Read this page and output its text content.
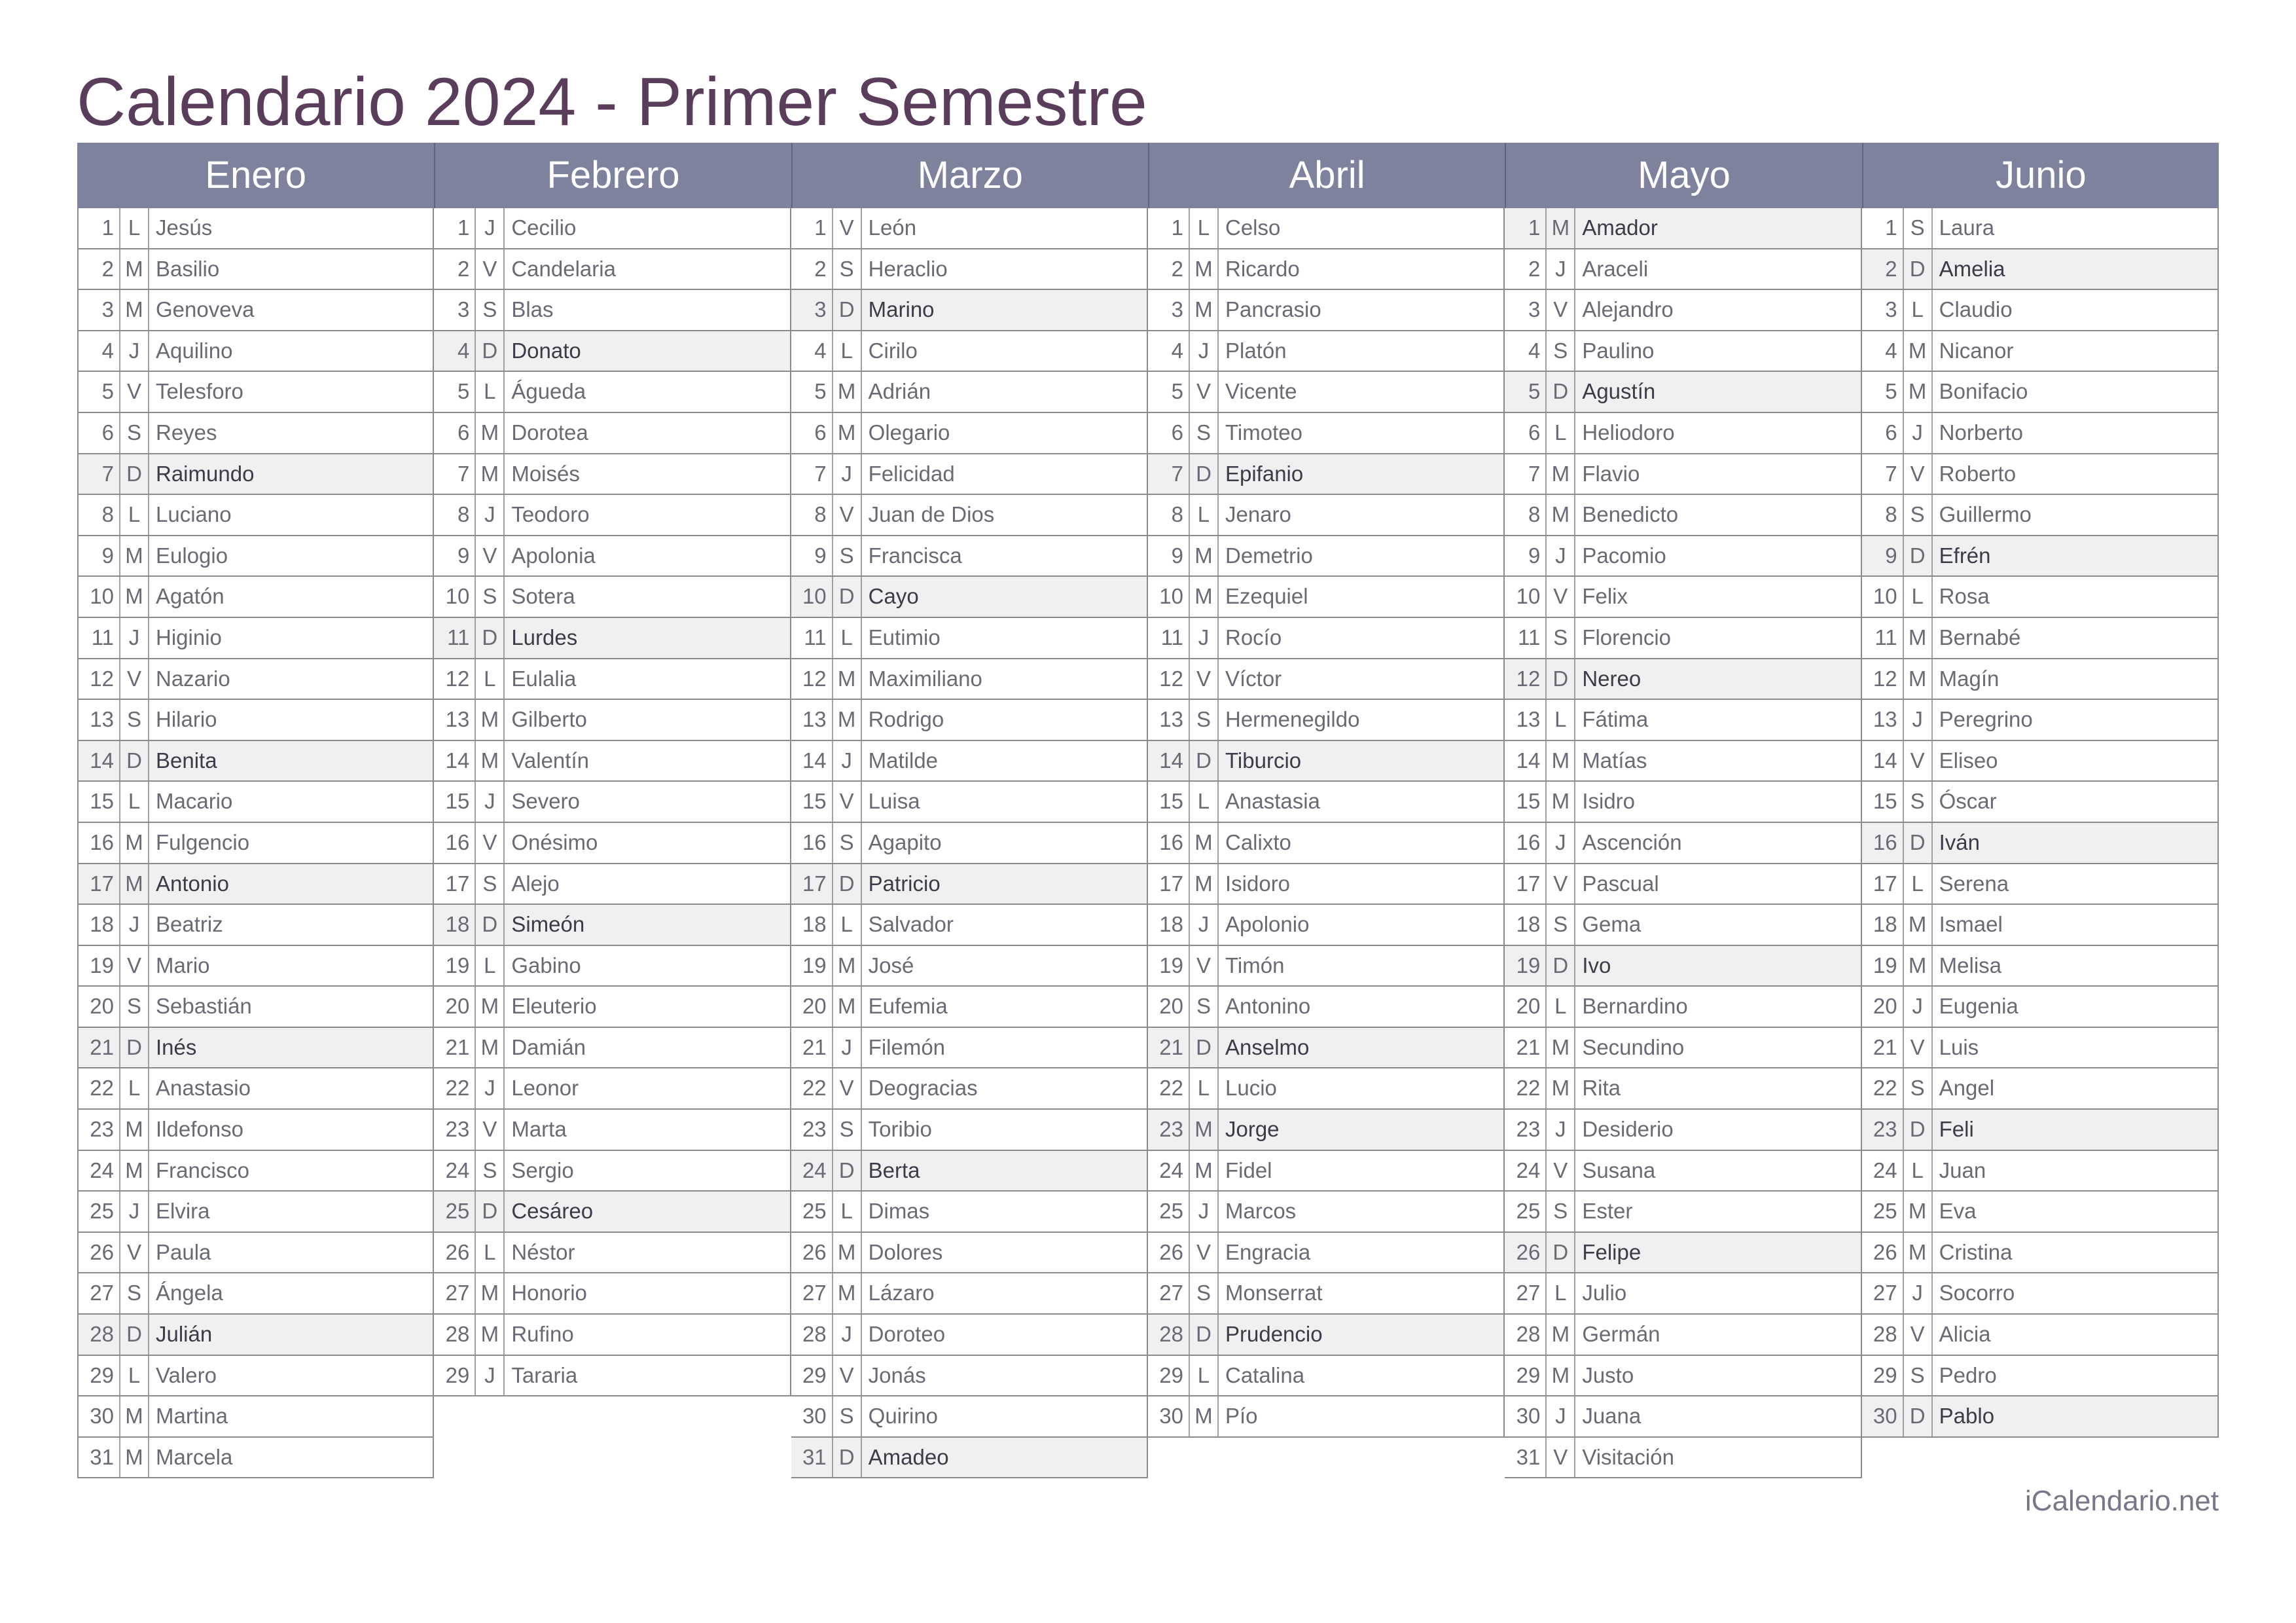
Calendario 2024 - Primer Semestre
Enero
1 L Jesús
2 M Basilio
3 M Genoveva
4 J Aquilino
5 V Telesforo
6 S Reyes
7 D Raimundo
8 L Luciano
9 M Eulogio
10 M Agatón
11 J Higinio
12 V Nazario
13 S Hilario
14 D Benita
15 L Macario
16 M Fulgencio
17 M Antonio
18 J Beatriz
19 V Mario
20 S Sebastián
21 D Inés
22 L Anastasio
23 M Ildefonso
24 M Francisco
25 J Elvira
26 V Paula
27 S Ángela
28 D Julián
29 L Valero
30 M Martina
31 M Marcela
Febrero
1 J Cecilio
2 V Candelaria
3 S Blas
4 D Donato
5 L Águeda
6 M Dorotea
7 M Moisés
8 J Teodoro
9 V Apolonia
10 S Sotera
11 D Lurdes
12 L Eulalia
13 M Gilberto
14 M Valentín
15 J Severo
16 V Onésimo
17 S Alejo
18 D Simeón
19 L Gabino
20 M Eleuterio
21 M Damián
22 J Leonor
23 V Marta
24 S Sergio
25 D Cesáreo
26 L Néstor
27 M Honorio
28 M Rufino
29 J Tararia
Marzo
1 V León
2 S Heraclio
3 D Marino
4 L Cirilo
5 M Adrián
6 M Olegario
7 J Felicidad
8 V Juan de Dios
9 S Francisca
10 D Cayo
11 L Eutimio
12 M Maximiliano
13 M Rodrigo
14 J Matilde
15 V Luisa
16 S Agapito
17 D Patricio
18 L Salvador
19 M José
20 M Eufemia
21 J Filemón
22 V Deogracias
23 S Toribio
24 D Berta
25 L Dimas
26 M Dolores
27 M Lázaro
28 J Doroteo
29 V Jonás
30 S Quirino
31 D Amadeo
Abril
1 L Celso
2 M Ricardo
3 M Pancrasio
4 J Platón
5 V Vicente
6 S Timoteo
7 D Epifanio
8 L Jenaro
9 M Demetrio
10 M Ezequiel
11 J Rocío
12 V Víctor
13 S Hermenegildo
14 D Tiburcio
15 L Anastasia
16 M Calixto
17 M Isidoro
18 J Apolonio
19 V Timón
20 S Antonino
21 D Anselmo
22 L Lucio
23 M Jorge
24 M Fidel
25 J Marcos
26 V Engracia
27 S Monserrat
28 D Prudencio
29 L Catalina
30 M Pío
Mayo
1 M Amador
2 J Araceli
3 V Alejandro
4 S Paulino
5 D Agustín
6 L Heliodoro
7 M Flavio
8 M Benedicto
9 J Pacomio
10 V Felix
11 S Florencio
12 D Nereo
13 L Fátima
14 M Matías
15 M Isidro
16 J Ascención
17 V Pascual
18 S Gema
19 D Ivo
20 L Bernardino
21 M Secundino
22 M Rita
23 J Desiderio
24 V Susana
25 S Ester
26 D Felipe
27 L Julio
28 M Germán
29 M Justo
30 J Juana
31 V Visitación
Junio
1 S Laura
2 D Amelia
3 L Claudio
4 M Nicanor
5 M Bonifacio
6 J Norberto
7 V Roberto
8 S Guillermo
9 D Efrén
10 L Rosa
11 M Bernabé
12 M Magín
13 J Peregrino
14 V Eliseo
15 S Óscar
16 D Iván
17 L Serena
18 M Ismael
19 M Melisa
20 J Eugenia
21 V Luis
22 S Angel
23 D Feli
24 L Juan
25 M Eva
26 M Cristina
27 J Socorro
28 V Alicia
29 S Pedro
30 D Pablo
iCalendario.net
